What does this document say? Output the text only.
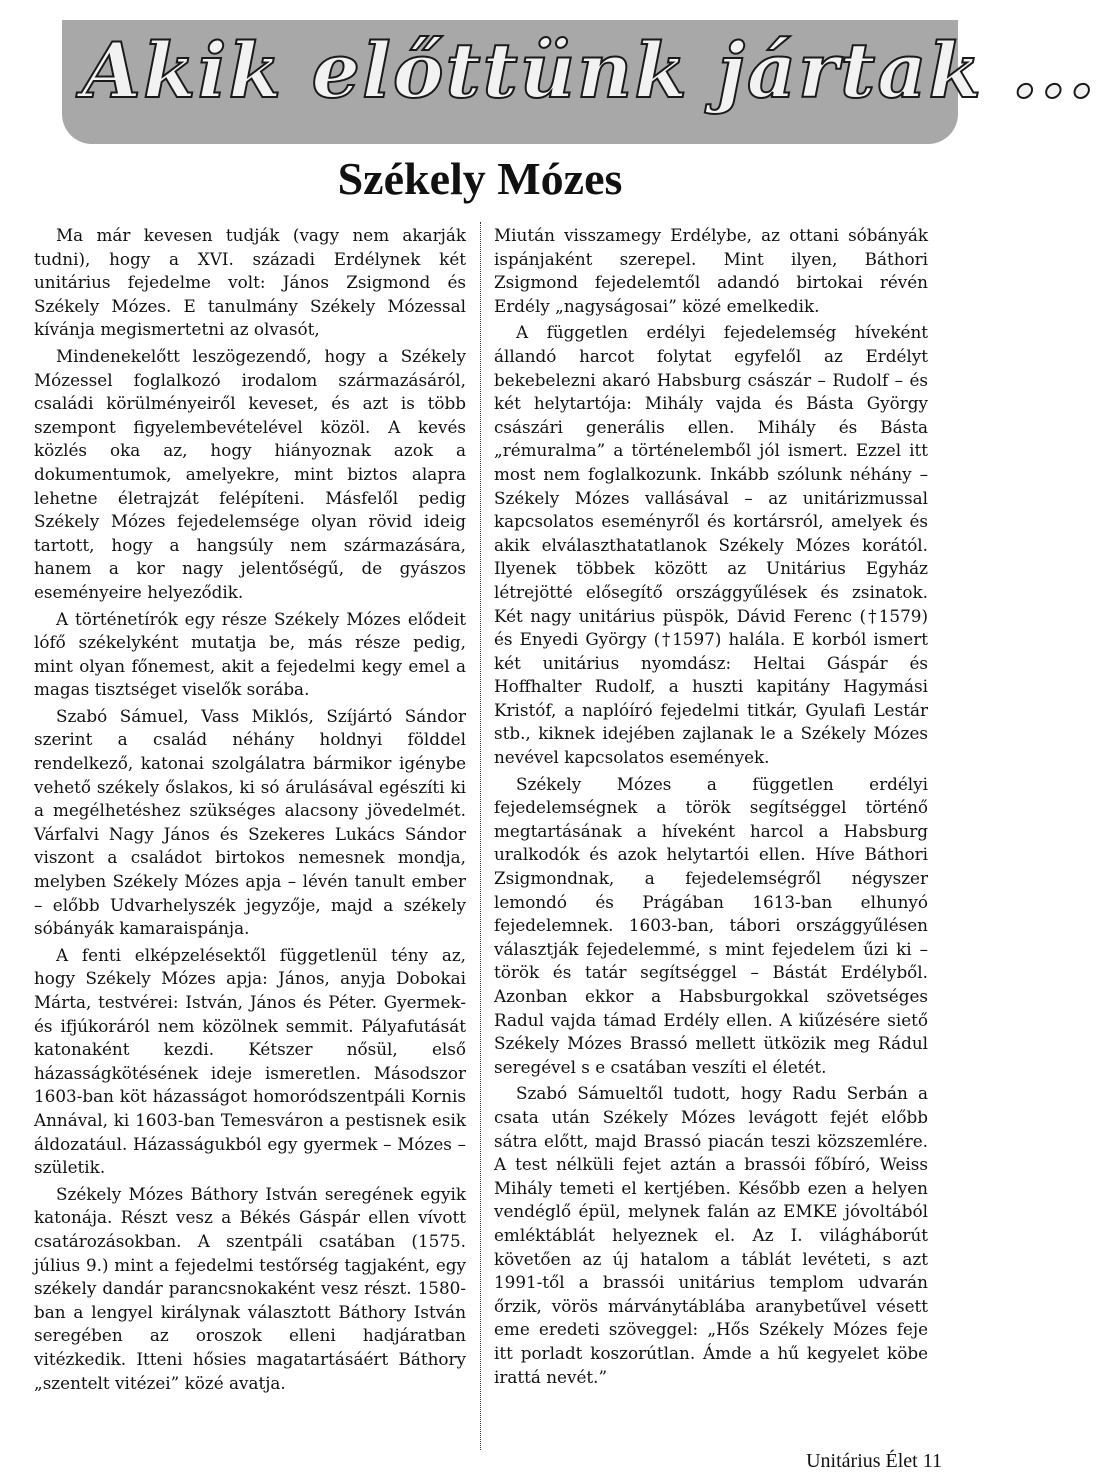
Akik előttünk jártak ...
Székely Mózes

Ma már kevesen tudják (vagy nem akarják tudni), hogy a XVI. századi Erdélynek két unitárius fejedelme volt: János Zsigmond és Székely Mózes. E tanulmány Székely Mózessal kívánja megismertetni az olvasót,

Mindenekelőtt leszögezendő, hogy a Székely Mózessel foglalkozó irodalom származásáról, családi körülményeiről keveset, és azt is több szempont figyelembevételével közöl. A kevés közlés oka az, hogy hiányoznak azok a dokumentumok, amelyekre, mint biztos alapra lehetne életrajzát felépíteni. Másfelől pedig Székely Mózes fejedelemsége olyan rövid ideig tartott, hogy a hangsúly nem származására, hanem a kor nagy jelentőségű, de gyászos eseményeire helyeződik.

A történetírók egy része Székely Mózes elődeit lófő székelyként mutatja be, más része pedig, mint olyan főnemest, akit a fejedelmi kegy emel a magas tisztséget viselők sorába.

Szabó Sámuel, Vass Miklós, Szíjártó Sándor szerint a család néhány holdnyi földdel rendelkező, katonai szolgálatra bármikor igénybe vehető székely őslakos, ki só árulásával egészíti ki a megélhetéshez szükséges alacsony jövedelmét. Várfalvi Nagy János és Szekeres Lukács Sándor viszont a családot birtokos nemesnek mondja, melyben Székely Mózes apja – lévén tanult ember – előbb Udvarhelyszék jegyzője, majd a székely sóbányák kamaraispánja.

A fenti elképzelésektől függetlenül tény az, hogy Székely Mózes apja: János, anyja Dobokai Márta, testvérei: István, János és Péter. Gyermek- és ifjúkoráról nem közölnek semmit. Pályafutását katonaként kezdi. Kétszer nősül, első házasságkötésének ideje ismeretlen. Másodszor 1603-ban köt házasságot homoródszentpáli Kornis Annával, ki 1603-ban Temesváron a pestisnek esik áldozatául. Házasságukból egy gyermek – Mózes – születik.

Székely Mózes Báthory István seregének egyik katonája. Részt vesz a Békés Gáspár ellen vívott csatározásokban. A szentpáli csatában (1575. július 9.) mint a fejedelmi testőrség tagjaként, egy székely dandár parancsnokaként vesz részt. 1580-ban a lengyel királynak választott Báthory István seregében az oroszok elleni hadjáratban vitézkedik. Itteni hősies magatartásáért Báthory „szentelt vitézei” közé avatja.

Miután visszamegy Erdélybe, az ottani sóbányák ispánjaként szerepel. Mint ilyen, Báthori Zsigmond fejedelemtől adandó birtokai révén Erdély „nagyságosai” közé emelkedik.

A független erdélyi fejedelemség híveként állandó harcot folytat egyfelől az Erdélyt bekebelezni akaró Habsburg császár – Rudolf – és két helytartója: Mihály vajda és Básta György császári generális ellen. Mihály és Básta „rémuralma” a történelemből jól ismert. Ezzel itt most nem foglalkozunk. Inkább szólunk néhány – Székely Mózes vallásával – az unitárizmussal kapcsolatos eseményről és kortársról, amelyek és akik elválaszthatatlanok Székely Mózes korától. Ilyenek többek között az Unitárius Egyház létrejötté elősegítő országgyűlések és zsinatok. Két nagy unitárius püspök, Dávid Ferenc (†1579) és Enyedi György (†1597) halála. E korból ismert két unitárius nyomdász: Heltai Gáspár és Hoffhalter Rudolf, a huszti kapitány Hagymási Kristóf, a naplóíró fejedelmi titkár, Gyulafi Lestár stb., kiknek idejében zajlanak le a Székely Mózes nevével kapcsolatos események.

Székely Mózes a független erdélyi fejedelemségnek a török segítséggel történő megtartásának a híveként harcol a Habsburg uralkodók és azok helytartói ellen. Híve Báthori Zsigmondnak, a fejedelemségről négyszer lemondó és Prágában 1613-ban elhunyó fejedelemnek. 1603-ban, tábori országgyűlésen választják fejedelemmé, s mint fejedelem űzi ki – török és tatár segítséggel – Bástát Erdélyből. Azonban ekkor a Habsburgokkal szövetséges Radul vajda támad Erdély ellen. A kiűzésére siető Székely Mózes Brassó mellett ütközik meg Rádul seregével s e csatában veszíti el életét.

Szabó Sámueltől tudott, hogy Radu Serbán a csata után Székely Mózes levágott fejét előbb sátra előtt, majd Brassó piacán teszi közszemlére. A test nélküli fejet aztán a brassói főbíró, Weiss Mihály temeti el kertjében. Később ezen a helyen vendéglő épül, melynek falán az EMKE jóvoltából emléktáblát helyeznek el. Az I. világháborút követően az új hatalom a táblát levéteti, s azt 1991-től a brassói unitárius templom udvarán őrzik, vörös márványtáblába aranybetűvel vésett eme eredeti szöveggel: „Hős Székely Mózes feje itt porladt koszorútlan. Ámde a hű kegyelet köbe irattá nevét.”

Unitárius Élet 11
